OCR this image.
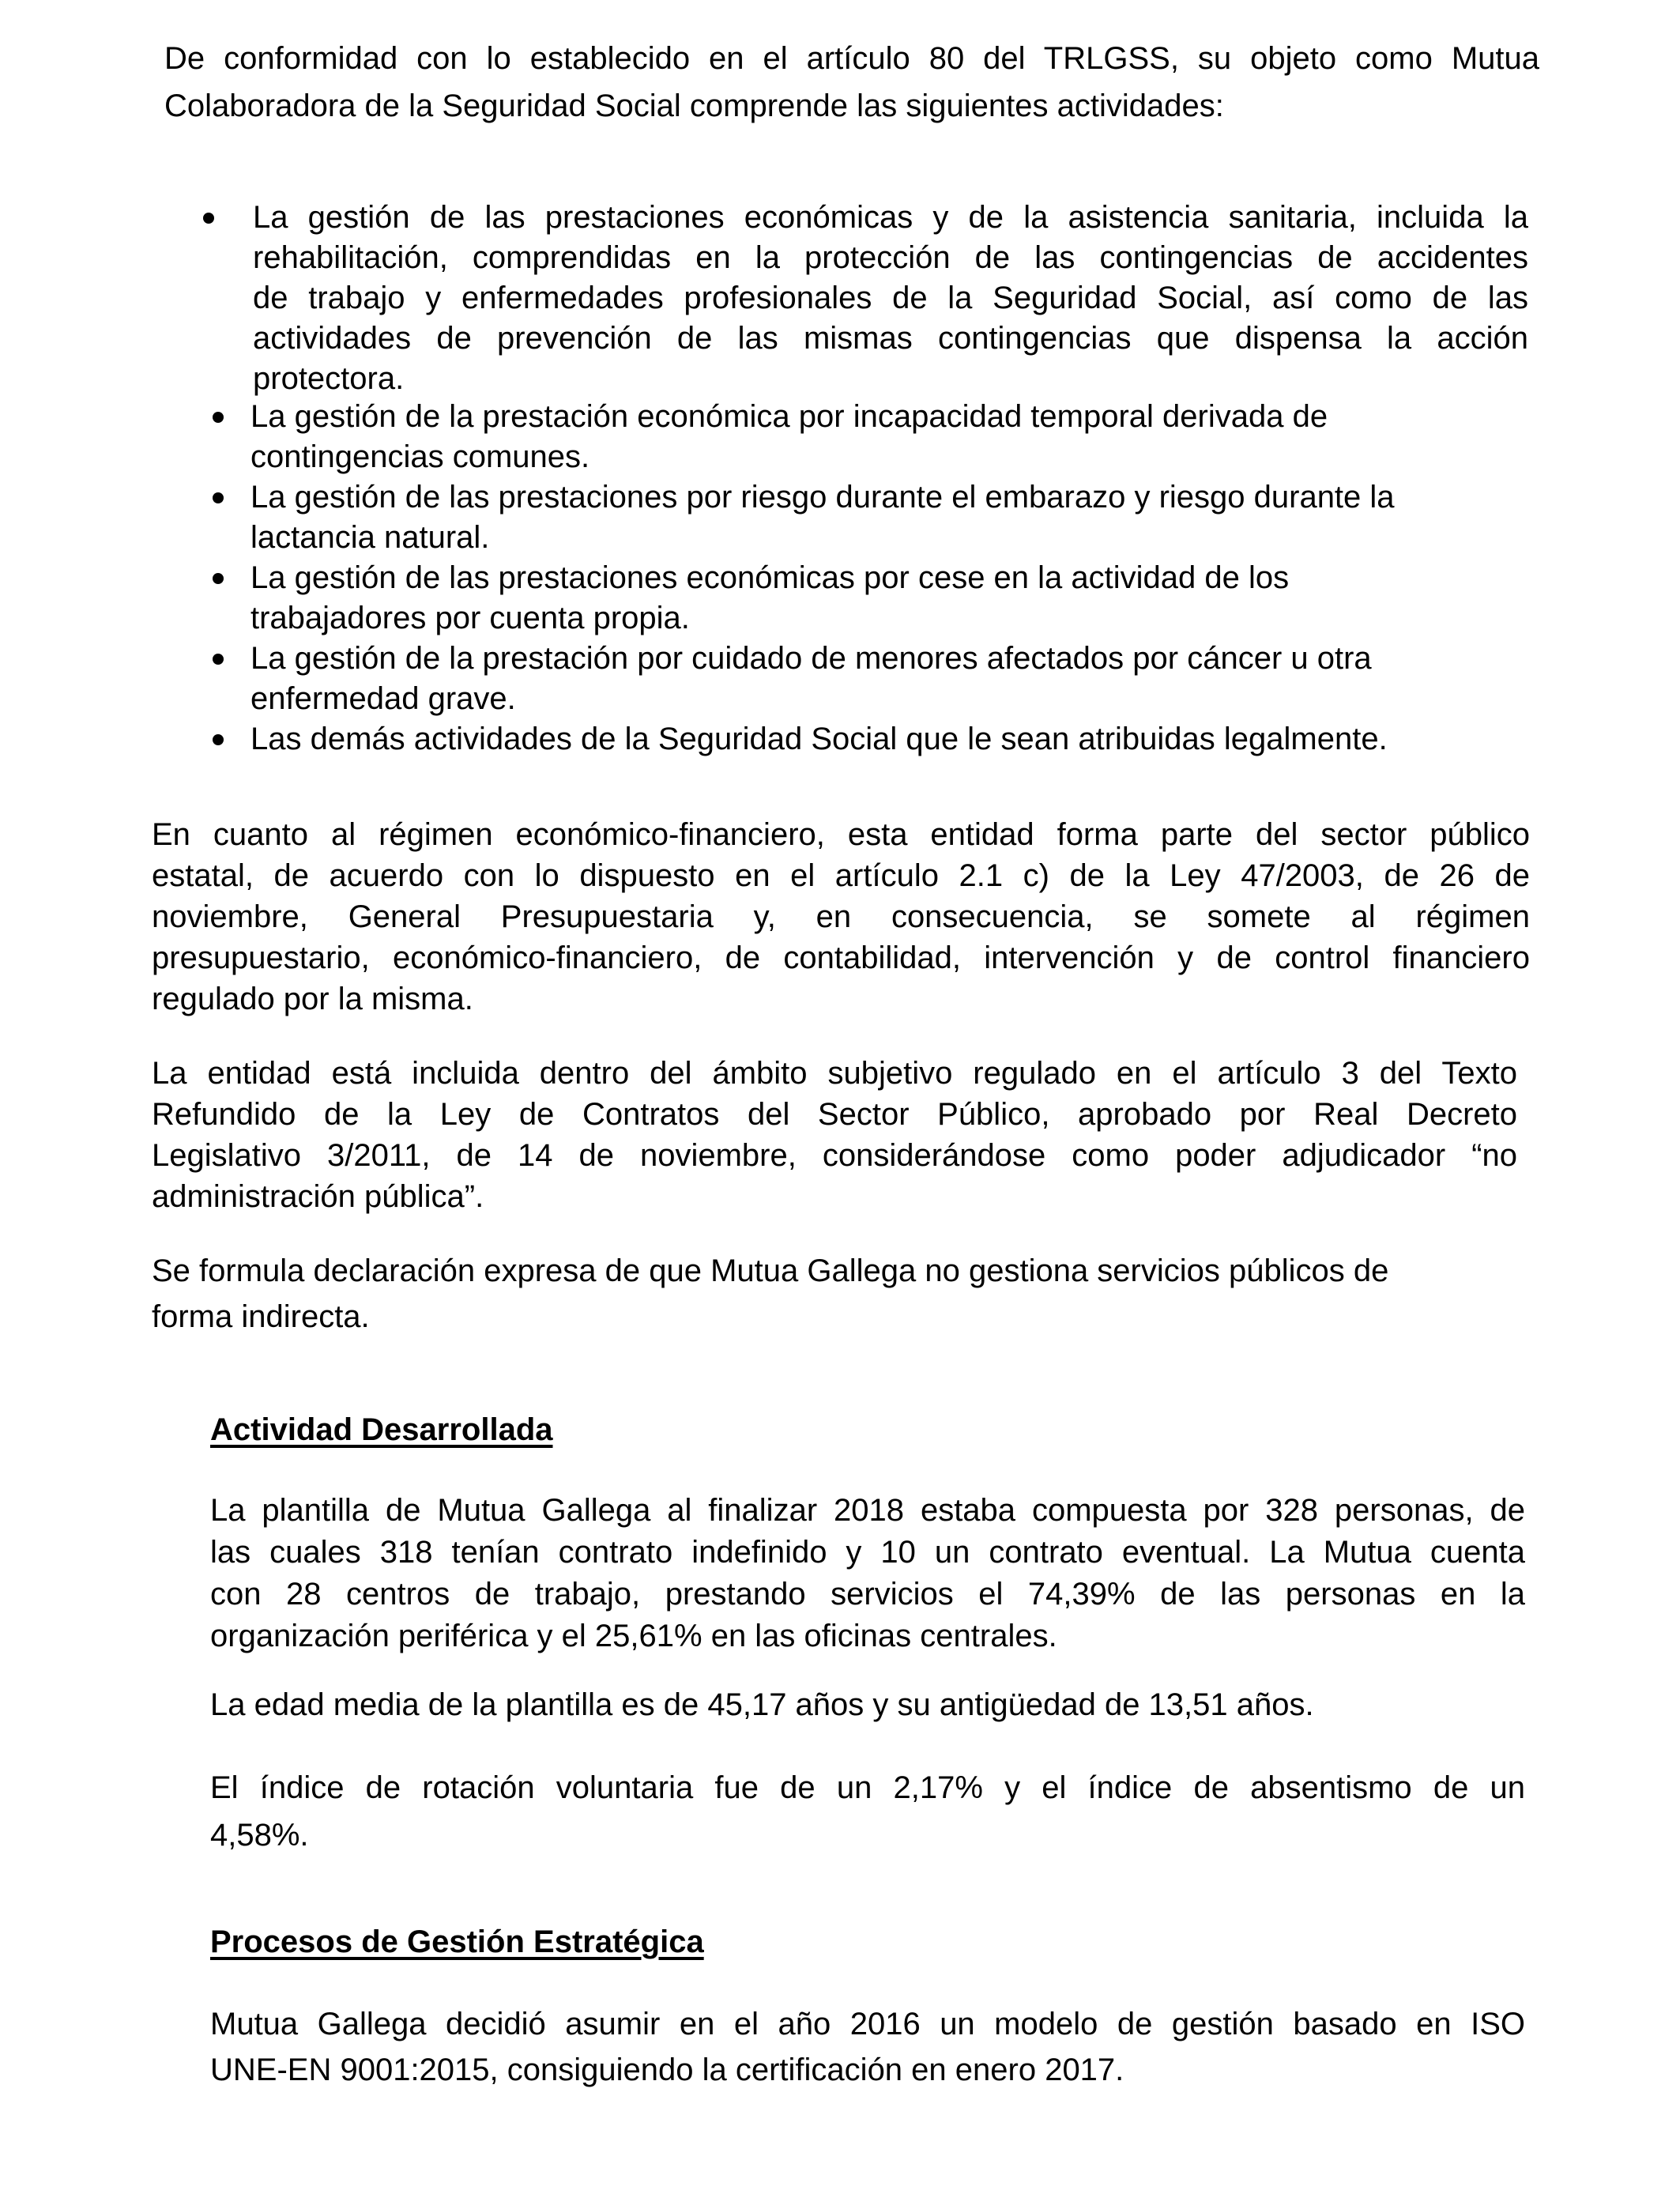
De conformidad con lo establecido en el artículo 80 del TRLGSS, su objeto como Mutua
Colaboradora de la Seguridad Social comprende las siguientes actividades:

La gestión de las prestaciones económicas y de la asistencia sanitaria, incluida la
rehabilitación, comprendidas en la protección de las contingencias de accidentes
de trabajo y enfermedades profesionales de la Seguridad Social, así como de las
actividades de prevención de las mismas contingencias que dispensa la acción
protectora.
La gestión de la prestación económica por incapacidad temporal derivada de
contingencias comunes.
La gestión de las prestaciones por riesgo durante el embarazo y riesgo durante la
lactancia natural.
La gestión de las prestaciones económicas por cese en la actividad de los
trabajadores por cuenta propia.
La gestión de la prestación por cuidado de menores afectados por cáncer u otra
enfermedad grave.
Las demás actividades de la Seguridad Social que le sean atribuidas legalmente.

En cuanto al régimen económico-financiero, esta entidad forma parte del sector público
estatal, de acuerdo con lo dispuesto en el artículo 2.1 c) de la Ley 47/2003, de 26 de
noviembre, General Presupuestaria y, en consecuencia, se somete al régimen
presupuestario, económico-financiero, de contabilidad, intervención y de control financiero
regulado por la misma.

La entidad está incluida dentro del ámbito subjetivo regulado en el artículo 3 del Texto
Refundido de la Ley de Contratos del Sector Público, aprobado por Real Decreto
Legislativo 3/2011, de 14 de noviembre, considerándose como poder adjudicador “no
administración pública”.

Se formula declaración expresa de que Mutua Gallega no gestiona servicios públicos de
forma indirecta.

Actividad Desarrollada

La plantilla de Mutua Gallega al finalizar 2018 estaba compuesta por 328 personas, de
las cuales 318 tenían contrato indefinido y 10 un contrato eventual. La Mutua cuenta
con 28 centros de trabajo, prestando servicios el 74,39% de las personas en la
organización periférica y el 25,61% en las oficinas centrales.

La edad media de la plantilla es de 45,17 años y su antigüedad de 13,51 años.

El índice de rotación voluntaria fue de un 2,17% y el índice de absentismo de un
4,58%.

Procesos de Gestión Estratégica

Mutua Gallega decidió asumir en el año 2016 un modelo de gestión basado en ISO
UNE-EN 9001:2015, consiguiendo la certificación en enero 2017.
